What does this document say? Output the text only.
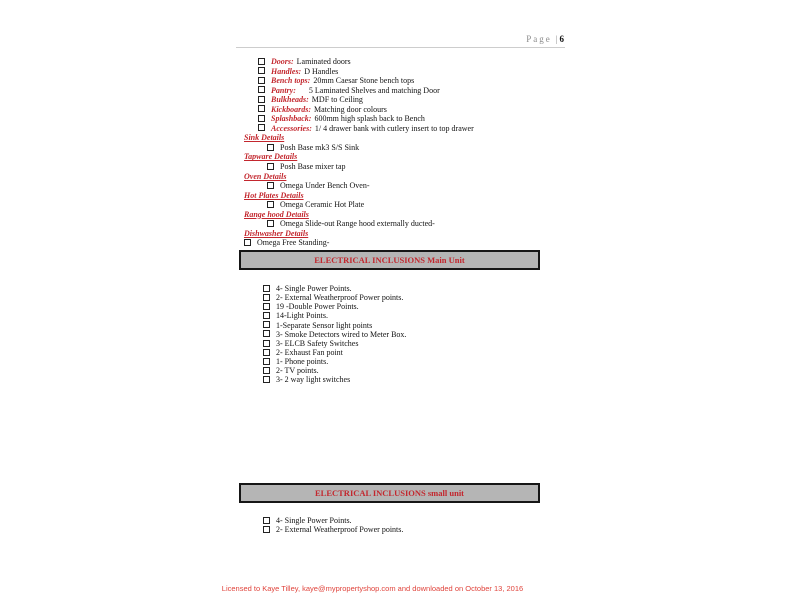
Page | 6
Doors: Laminated doors
Handles: D Handles
Bench tops: 20mm Caesar Stone bench tops
Pantry:     5 Laminated Shelves and matching Door
Bulkheads: MDF to Ceiling
Kickboards: Matching door colours
Splashback: 600mm high splash back to Bench
Accessories: 1/ 4 drawer bank with cutlery insert to top drawer
Sink Details
Posh Base mk3 S/S Sink
Tapware Details
Posh Base mixer tap
Oven Details
Omega Under Bench Oven-
Hot Plates Details
Omega Ceramic Hot Plate
Range hood Details
Omega Slide-out Range hood externally ducted-
Dishwasher Details
Omega Free Standing-
ELECTRICAL INCLUSIONS Main Unit
4- Single Power Points.
2- External Weatherproof Power points.
19 -Double Power Points.
14-Light Points.
1-Separate Sensor light points
3- Smoke Detectors wired to Meter Box.
3- ELCB Safety Switches
2- Exhaust Fan point
1- Phone points.
2- TV points.
3- 2 way light switches
ELECTRICAL INCLUSIONS small unit
4- Single Power Points.
2- External Weatherproof Power points.
Licensed to Kaye Tilley, kaye@mypropertyshop.com and downloaded on October 13, 2016
